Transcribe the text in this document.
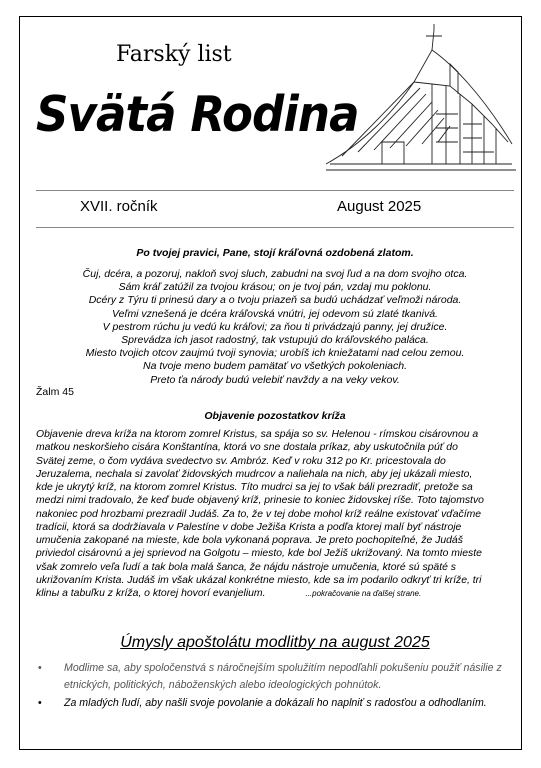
Farský list
Svätá Rodina
XVII. ročník	August 2025
Po tvojej pravici, Pane, stojí kráľovná ozdobená zlatom.
Čuj, dcéra, a pozoruj, nakloň svoj sluch, zabudni na svoj ľud a na dom svojho otca.
Sám kráľ zatúžil za tvojou krásou; on je tvoj pán, vzdaj mu poklonu.
Dcéry z Týru ti prinesú dary a o tvoju priazeň sa budú uchádzať veľmoži národa.
Veľmi vznešená je dcéra kráľovská vnútri, jej odevom sú zlaté tkanivá.
V pestrom rúchu ju vedú ku kráľovi; za ňou ti privádzajú panny, jej družice.
Sprevádza ich jasot radostný, tak vstupujú do kráľovského paláca.
Miesto tvojich otcov zaujmú tvoji synovia; urobíš ich kniežatami nad celou zemou.
Na tvoje meno budem pamätať vo všetkých pokoleniach.
Preto ťa národy budú velebiť navždy a na veky vekov.
Žalm 45
Objavenie pozostatkov kríža
Objavenie dreva kríža na ktorom zomrel Kristus, sa spája so sv. Helenou - rímskou cisárovnou a
matkou neskoršieho cisára Konštantína, ktorá vo sne dostala príkaz, aby uskutočnila púť do
Svätej zeme, o čom vydáva svedectvo sv. Ambróz. Keď v roku 312 po Kr. pricestovala do
Jeruzalema, nechala si zavolať židovských mudrcov a naliehala na nich, aby jej ukázali miesto,
kde je ukrytý kríž, na ktorom zomrel Kristus. Títo mudrci sa jej to však báli prezradiť, pretože sa
medzi nimi tradovalo, že keď bude objavený kríž, prinesie to koniec židovskej ríše. Toto tajomstvo
nakoniec pod hrozbami prezradil Judáš. Za to, že v tej dobe mohol kríž reálne existovať vďačíme
tradícii, ktorá sa dodržiavala v Palestíne v dobe Ježiša Krista a podľa ktorej malí byť nástroje
umučenia zakopané na mieste, kde bola vykonaná poprava. Je preto pochopiteľné, že Judáš
priviedol cisárovnú a jej sprievod na Golgotu – miesto, kde bol Ježiš ukrižovaný. Na tomto mieste
však zomrelo veľa ľudí a tak bola malá šanca, že nájdu nástroje umučenia, ktoré sú späté s
ukrižovaním Krista. Judáš im však ukázal konkrétne miesto, kde sa im podarilo odkryť tri kríže, tri
klinы a tabuľku z kríža, o ktorej hovorí evanjelium.	...pokračovanie na ďalšej strane.
Úmysly apoštolátu modlitby na august 2025
• Modlime sa, aby spoločenstvá s náročnejším spolužitím nepodľahli pokušeniu použiť násilie z etnických, politických, náboženských alebo ideologických pohnútok.
• Za mladých ľudí, aby našli svoje povolanie a dokázali ho naplniť s radosťou a odhodlaním.
